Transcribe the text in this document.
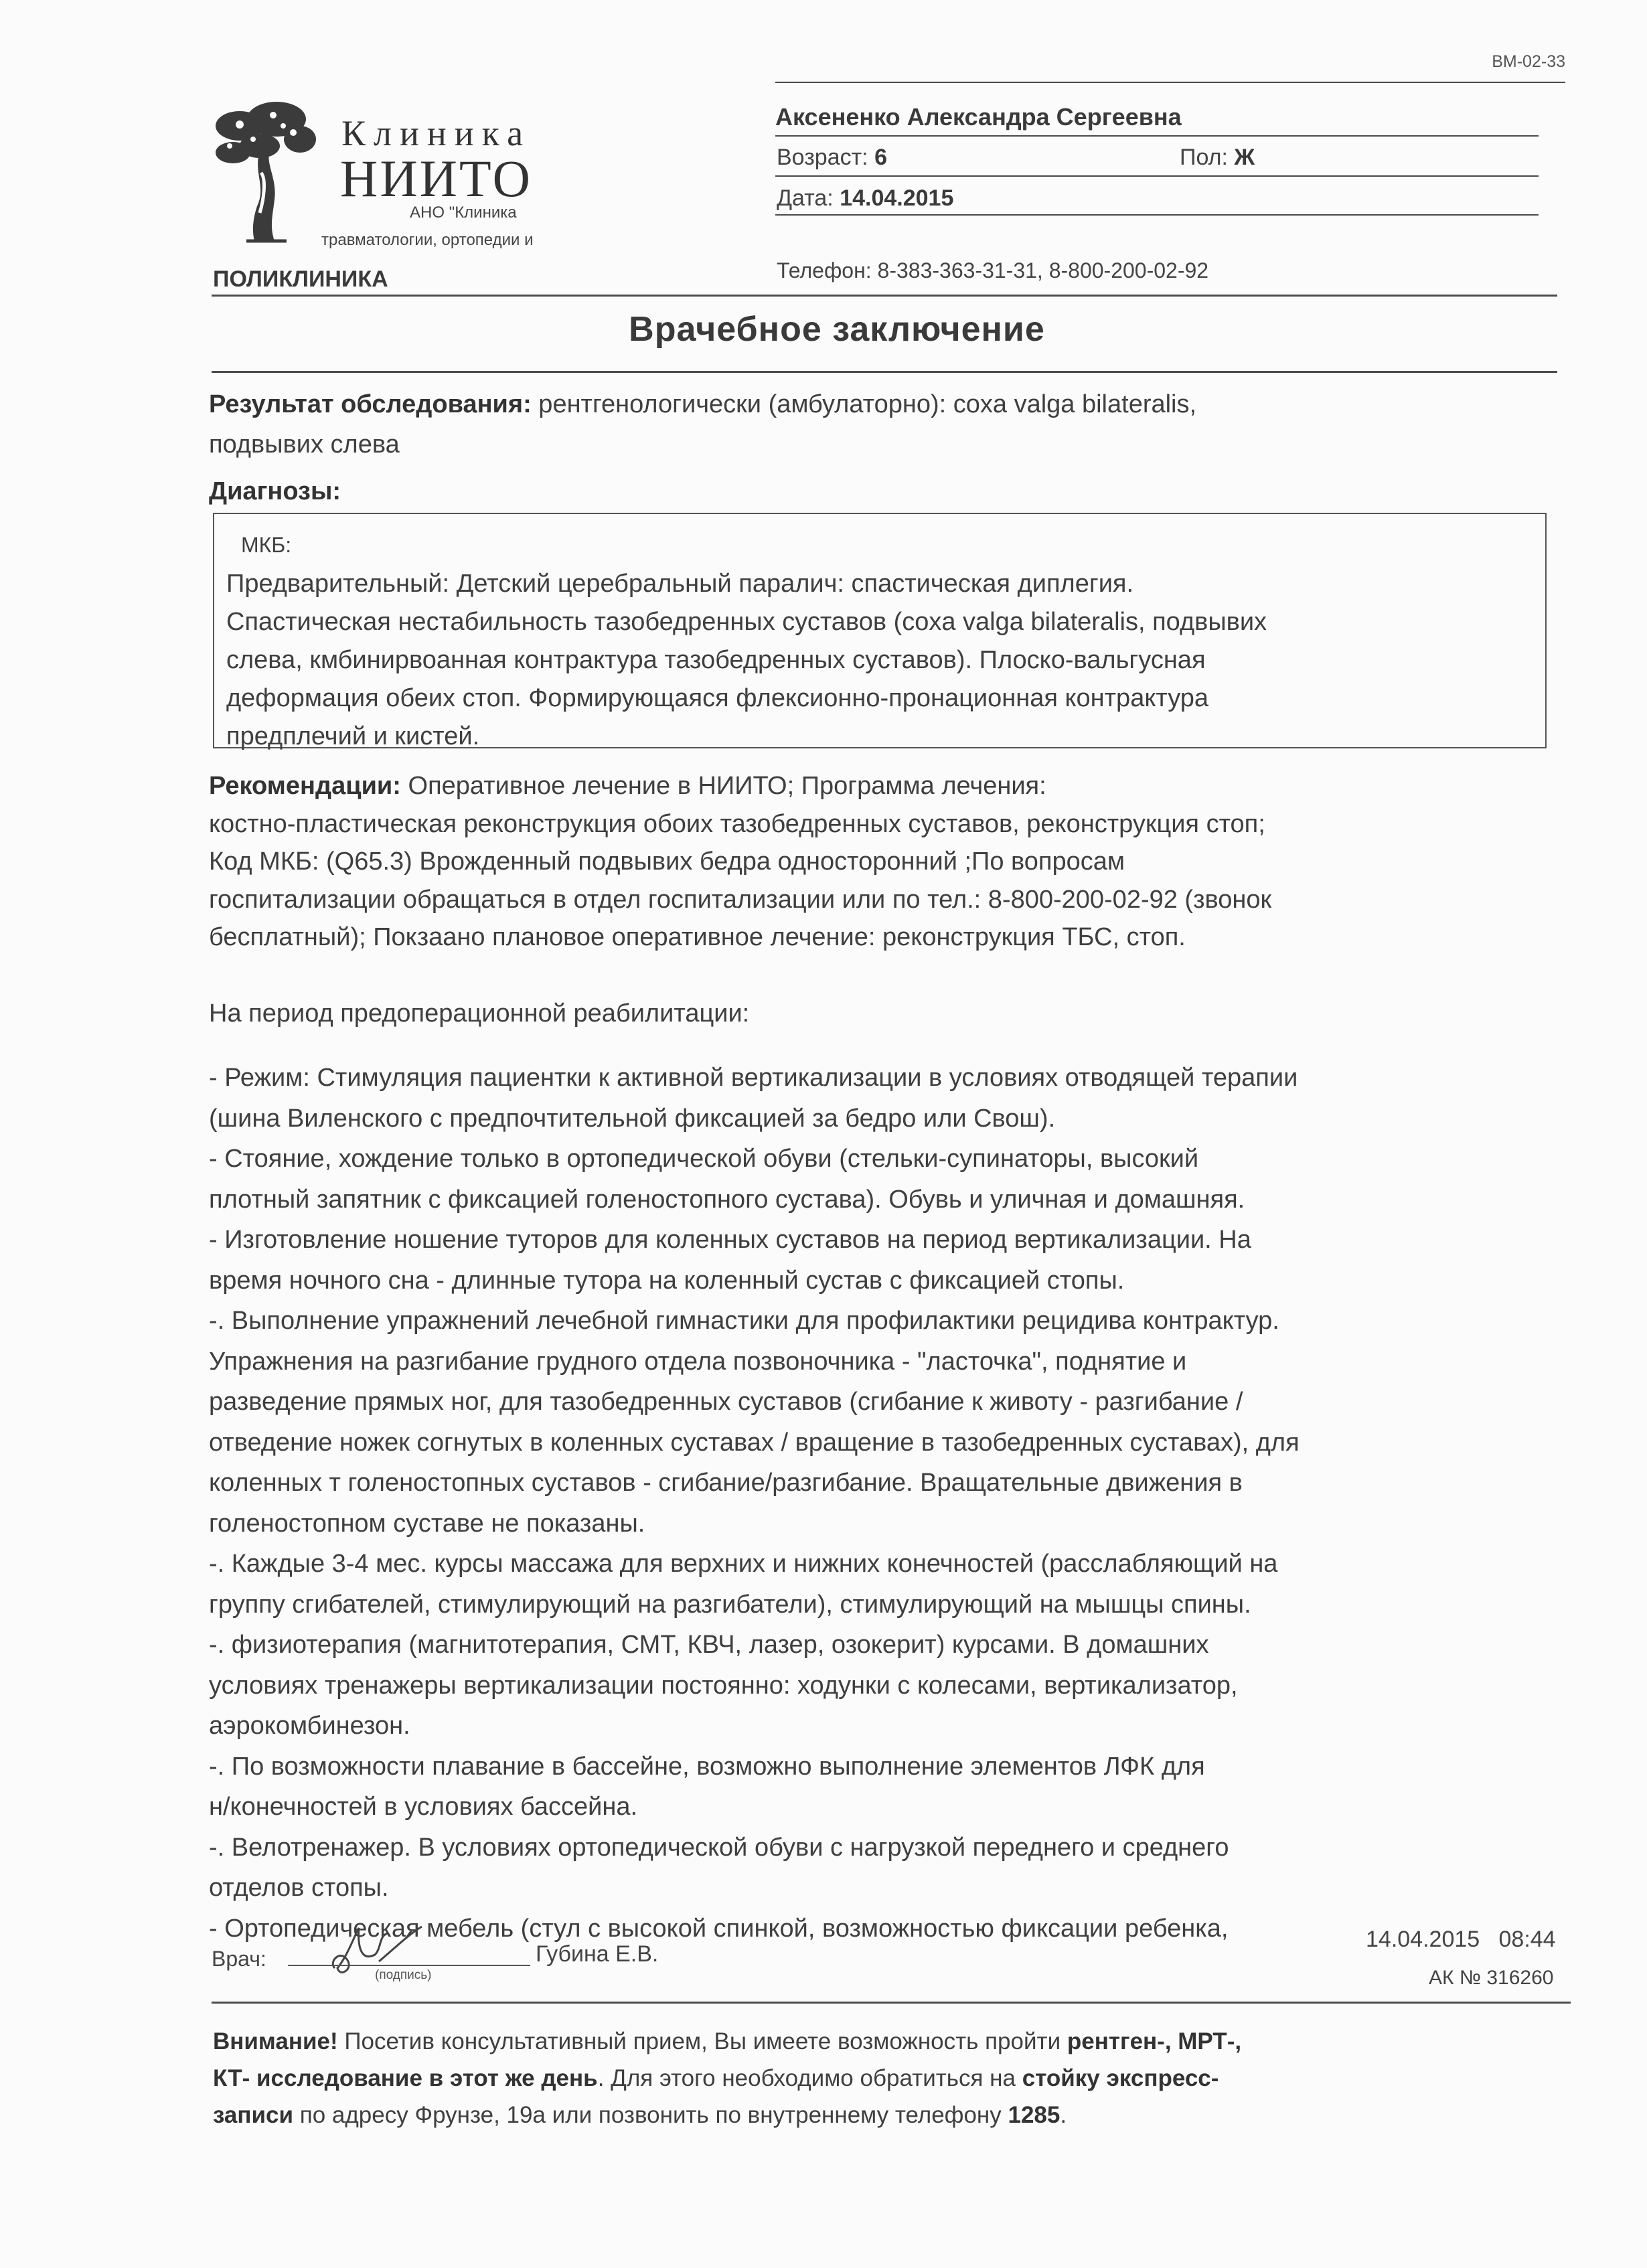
ВМ-02-33
Клиника
НИИТО
АНО "Клиника
травматологии, ортопедии и
ПОЛИКЛИНИКА
Аксененко Александра Сергеевна
Возраст: 6	Пол: Ж
Дата: 14.04.2015
Телефон: 8-383-363-31-31, 8-800-200-02-92
Врачебное заключение
Результат обследования: рентгенологически (амбулаторно): coxa valga bilateralis,
подвывих слева
Диагнозы:
МКБ:
Предварительный: Детский церебральный паралич: спастическая диплегия.
Спастическая нестабильность тазобедренных суставов (coxa valga bilateralis, подвывих
слева, кмбинирвоанная контрактура тазобедренных суставов). Плоско-вальгусная
деформация обеих стоп. Формирующаяся флексионно-пронационная контрактура
предплечий и кистей.
Рекомендации: Оперативное лечение в НИИТО; Программа лечения:
костно-пластическая реконструкция обоих тазобедренных суставов, реконструкция стоп;
Код МКБ: (Q65.3) Врожденный подвывих бедра односторонний ;По вопросам
госпитализации обращаться в отдел госпитализации или по тел.: 8-800-200-02-92 (звонок
бесплатный); Покзаано плановое оперативное лечение: реконструкция ТБС, стоп.
На период предоперационной реабилитации:
- Режим: Стимуляция пациентки к активной вертикализации в условиях отводящей терапии
(шина Виленского с предпочтительной фиксацией за бедро или Свош).
- Стояние, хождение только в ортопедической обуви (стельки-супинаторы, высокий
плотный запятник с фиксацией голеностопного сустава). Обувь и уличная и домашняя.
- Изготовление ношение туторов для коленных суставов на период вертикализации. На
время ночного сна - длинные тутора на коленный сустав с фиксацией стопы.
-. Выполнение упражнений лечебной гимнастики для профилактики рецидива контрактур.
Упражнения на разгибание грудного отдела позвоночника - "ласточка", поднятие и
разведение прямых ног, для тазобедренных суставов (сгибание к животу - разгибание /
отведение ножек согнутых в коленных суставах / вращение в тазобедренных суставах), для
коленных т голеностопных суставов - сгибание/разгибание. Вращательные движения в
голеностопном суставе не показаны.
-. Каждые 3-4 мес. курсы массажа для верхних и нижних конечностей (расслабляющий на
группу сгибателей, стимулирующий на разгибатели), стимулирующий на мышцы спины.
-. физиотерапия (магнитотерапия, СМТ, КВЧ, лазер, озокерит) курсами. В домашних
условиях тренажеры вертикализации постоянно: ходунки с колесами, вертикализатор,
аэрокомбинезон.
-. По возможности плавание в бассейне, возможно выполнение элементов ЛФК для
н/конечностей в условиях бассейна.
-. Велотренажер. В условиях ортопедической обуви с нагрузкой переднего и среднего
отделов стопы.
- Ортопедическая мебель (стул с высокой спинкой, возможностью фиксации ребенка,
Врач:
(подпись)
Губина Е.В.
14.04.2015   08:44
АК № 316260
Внимание! Посетив консультативный прием, Вы имеете возможность пройти рентген-, МРТ-,
КТ- исследование в этот же день. Для этого необходимо обратиться на стойку экспресс-
записи по адресу Фрунзе, 19а или позвонить по внутреннему телефону 1285.
